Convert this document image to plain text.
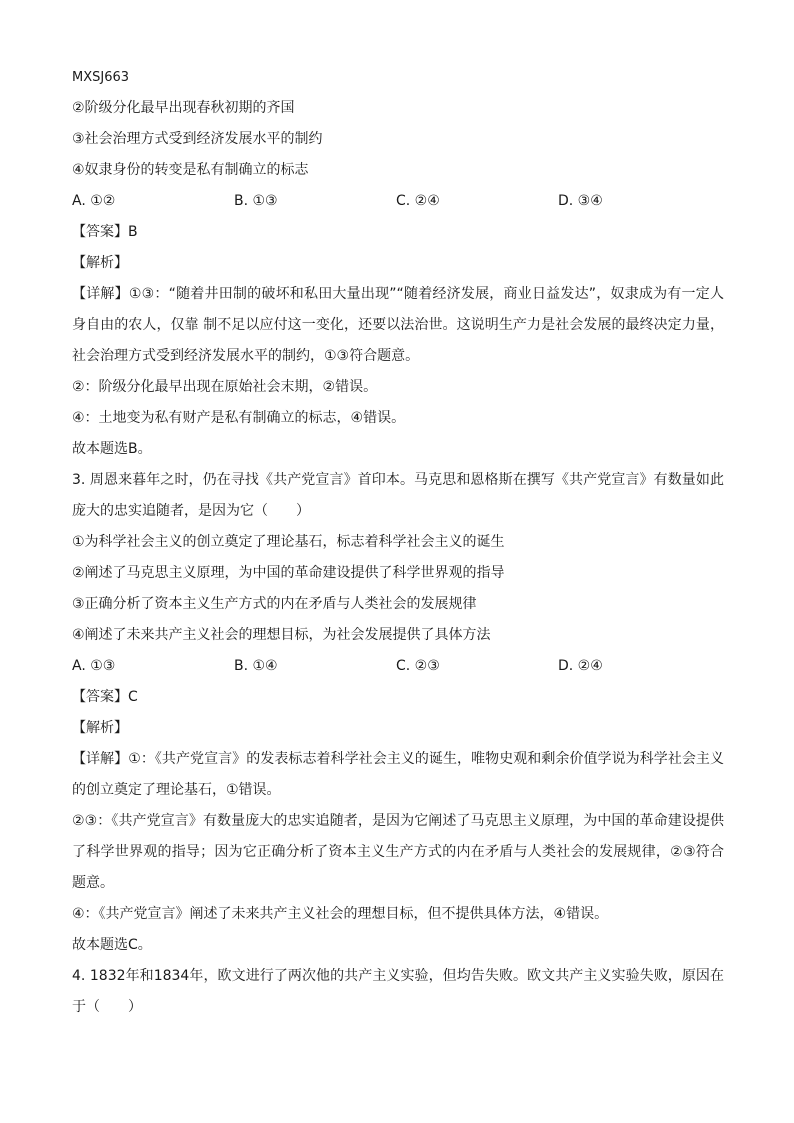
MXSJ663
②阶级分化最早出现春秋初期的齐国
③社会治理方式受到经济发展水平的制约
④奴隶身份的转变是私有制确立的标志
A. ①②	B. ①③	C. ②④	D. ③④
【答案】B
【解析】
【详解】①③：“随着井田制的破坏和私田大量出现”“随着经济发展，商业日益发达”，奴隶成为有一定人身自由的农人，仅靠 制不足以应付这一变化，还要以法治世。这说明生产力是社会发展的最终决定力量，社会治理方式受到经济发展水平的制约，①③符合题意。
②：阶级分化最早出现在原始社会末期，②错误。
④：土地变为私有财产是私有制确立的标志，④错误。
故本题选B。
3. 周恩来暮年之时，仍在寻找《共产党宣言》首印本。马克思和恩格斯在撰写《共产党宣言》有数量如此庞大的忠实追随者，是因为它（　　）
①为科学社会主义的创立奠定了理论基石，标志着科学社会主义的诞生
②阐述了马克思主义原理，为中国的革命建设提供了科学世界观的指导
③正确分析了资本主义生产方式的内在矛盾与人类社会的发展规律
④阐述了未来共产主义社会的理想目标，为社会发展提供了具体方法
A. ①③	B. ①④	C. ②③	D. ②④
【答案】C
【解析】
【详解】①：《共产党宣言》的发表标志着科学社会主义的诞生，唯物史观和剩余价值学说为科学社会主义的创立奠定了理论基石，①错误。
②③：《共产党宣言》有数量庞大的忠实追随者，是因为它阐述了马克思主义原理，为中国的革命建设提供了科学世界观的指导；因为它正确分析了资本主义生产方式的内在矛盾与人类社会的发展规律，②③符合题意。
④：《共产党宣言》阐述了未来共产主义社会的理想目标，但不提供具体方法，④错误。
故本题选C。
4. 1832年和1834年，欧文进行了两次他的共产主义实验，但均告失败。欧文共产主义实验失败，原因在于（　　）
